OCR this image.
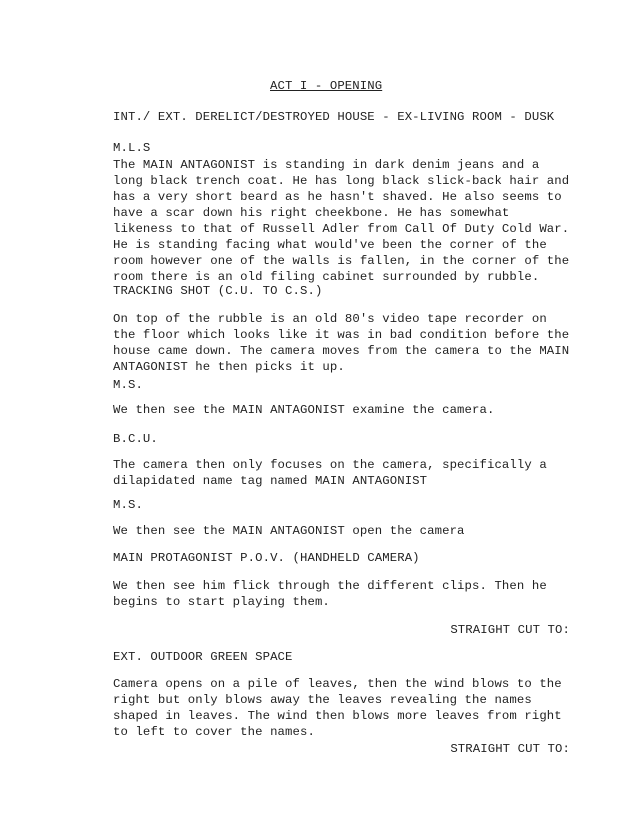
ACT I - OPENING
INT./ EXT. DERELICT/DESTROYED HOUSE - EX-LIVING ROOM - DUSK
M.L.S
The MAIN ANTAGONIST is standing in dark denim jeans and a
long black trench coat. He has long black slick-back hair and
has a very short beard as he hasn't shaved. He also seems to
have a scar down his right cheekbone. He has somewhat
likeness to that of Russell Adler from Call Of Duty Cold War.
He is standing facing what would've been the corner of the
room however one of the walls is fallen, in the corner of the
room there is an old filing cabinet surrounded by rubble.
TRACKING SHOT (C.U. TO C.S.)
On top of the rubble is an old 80's video tape recorder on
the floor which looks like it was in bad condition before the
house came down. The camera moves from the camera to the MAIN
ANTAGONIST he then picks it up.
M.S.
We then see the MAIN ANTAGONIST examine the camera.
B.C.U.
The camera then only focuses on the camera, specifically a
dilapidated name tag named MAIN ANTAGONIST
M.S.
We then see the MAIN ANTAGONIST open the camera
MAIN PROTAGONIST P.O.V. (HANDHELD CAMERA)
We then see him flick through the different clips. Then he
begins to start playing them.
STRAIGHT CUT TO:
EXT. OUTDOOR GREEN SPACE
Camera opens on a pile of leaves, then the wind blows to the
right but only blows away the leaves revealing the names
shaped in leaves. The wind then blows more leaves from right
to left to cover the names.
STRAIGHT CUT TO:
